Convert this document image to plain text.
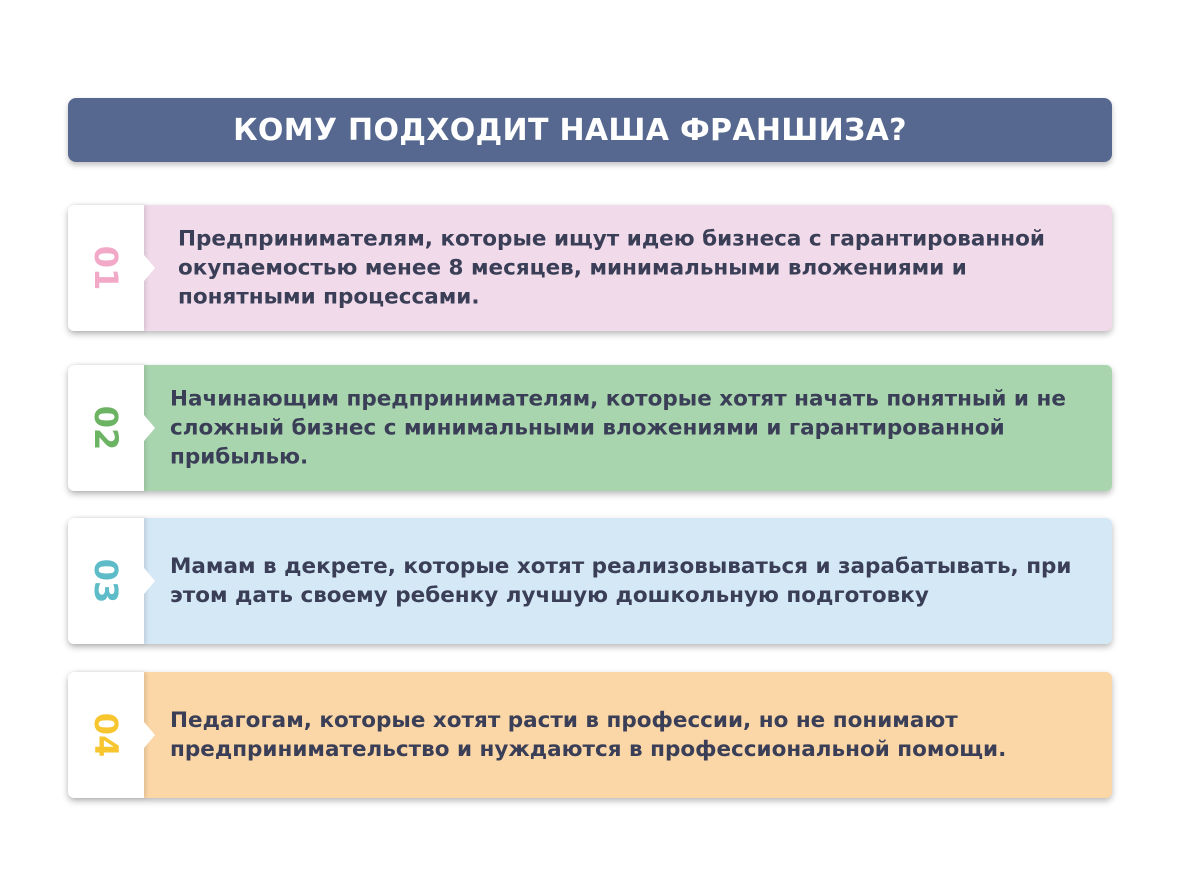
КОМУ ПОДХОДИТ НАША ФРАНШИЗА?
01
Предпринимателям, которые ищут идею бизнеса с гарантированной окупаемостью менее 8 месяцев, минимальными вложениями и понятными процессами.
02
Начинающим предпринимателям, которые хотят начать понятный и не сложный бизнес с минимальными вложениями и гарантированной прибылью.
03 Мамам в декрете, которые хотят реализовываться и зарабатывать, при этом дать своему ребенку лучшую дошкольную подготовку
04 Педагогам, которые хотят расти в профессии, но не понимают предпринимательство и нуждаются в профессиональной помощи.
